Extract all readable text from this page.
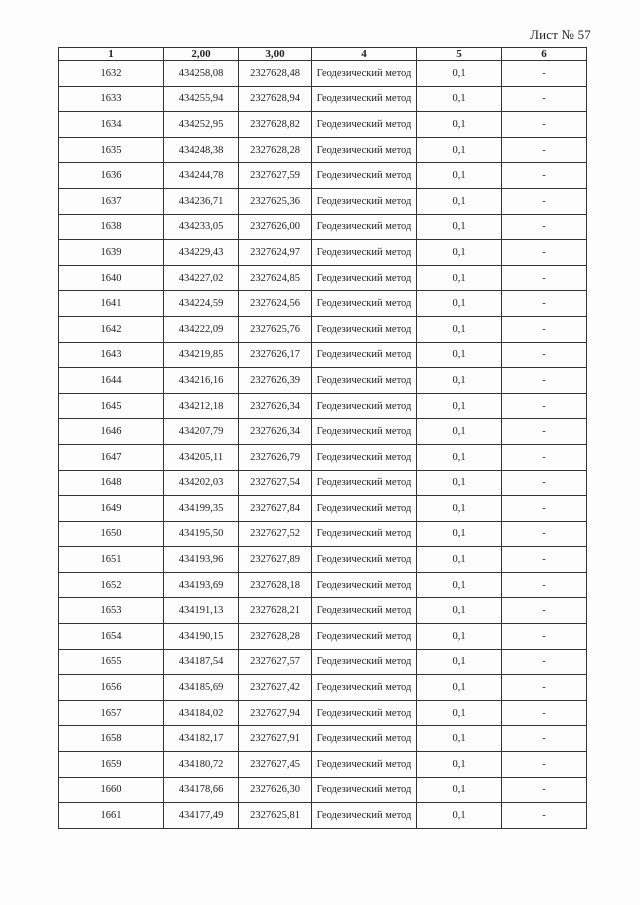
Лист № 57
1	2,00	3,00	4	5	6
1632	434258,08	2327628,48	Геодезический метод	0,1	-
1633	434255,94	2327628,94	Геодезический метод	0,1	-
1634	434252,95	2327628,82	Геодезический метод	0,1	-
1635	434248,38	2327628,28	Геодезический метод	0,1	-
1636	434244,78	2327627,59	Геодезический метод	0,1	-
1637	434236,71	2327625,36	Геодезический метод	0,1	-
1638	434233,05	2327626,00	Геодезический метод	0,1	-
1639	434229,43	2327624,97	Геодезический метод	0,1	-
1640	434227,02	2327624,85	Геодезический метод	0,1	-
1641	434224,59	2327624,56	Геодезический метод	0,1	-
1642	434222,09	2327625,76	Геодезический метод	0,1	-
1643	434219,85	2327626,17	Геодезический метод	0,1	-
1644	434216,16	2327626,39	Геодезический метод	0,1	-
1645	434212,18	2327626,34	Геодезический метод	0,1	-
1646	434207,79	2327626,34	Геодезический метод	0,1	-
1647	434205,11	2327626,79	Геодезический метод	0,1	-
1648	434202,03	2327627,54	Геодезический метод	0,1	-
1649	434199,35	2327627,84	Геодезический метод	0,1	-
1650	434195,50	2327627,52	Геодезический метод	0,1	-
1651	434193,96	2327627,89	Геодезический метод	0,1	-
1652	434193,69	2327628,18	Геодезический метод	0,1	-
1653	434191,13	2327628,21	Геодезический метод	0,1	-
1654	434190,15	2327628,28	Геодезический метод	0,1	-
1655	434187,54	2327627,57	Геодезический метод	0,1	-
1656	434185,69	2327627,42	Геодезический метод	0,1	-
1657	434184,02	2327627,94	Геодезический метод	0,1	-
1658	434182,17	2327627,91	Геодезический метод	0,1	-
1659	434180,72	2327627,45	Геодезический метод	0,1	-
1660	434178,66	2327626,30	Геодезический метод	0,1	-
1661	434177,49	2327625,81	Геодезический метод	0,1	-
